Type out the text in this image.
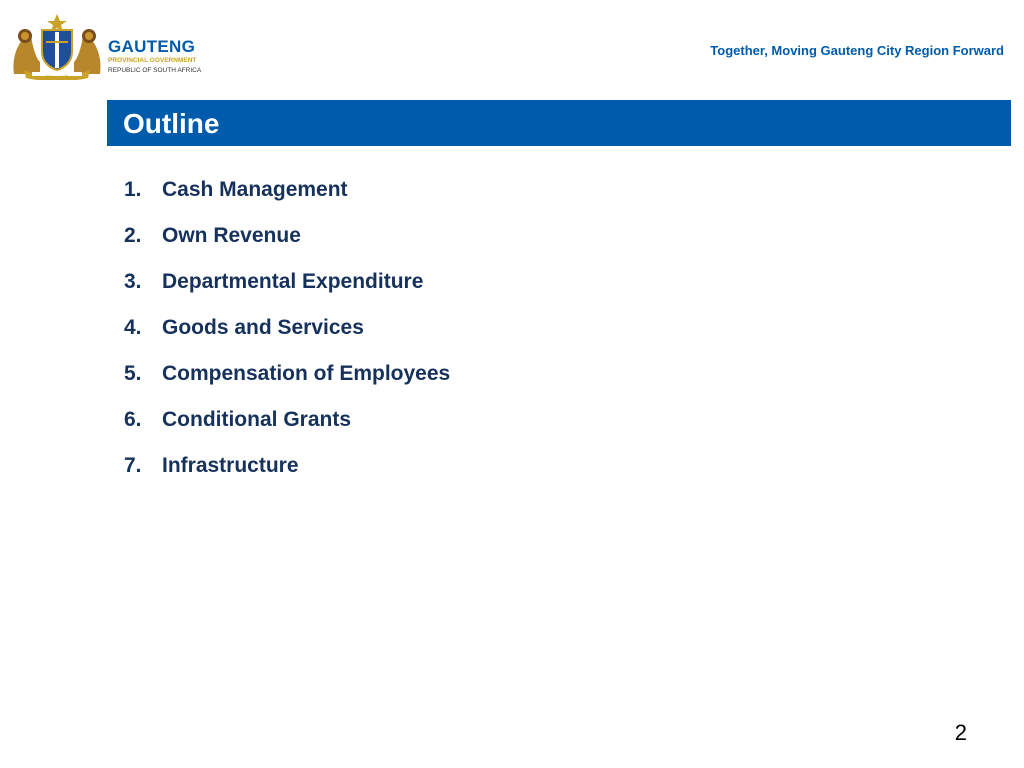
GAUTENG
PROVINCIAL GOVERNMENT
REPUBLIC OF SOUTH AFRICA
Together, Moving Gauteng City Region Forward
Outline
1. Cash Management
2. Own Revenue
3. Departmental Expenditure
4. Goods and Services
5. Compensation of Employees
6. Conditional Grants
7. Infrastructure
2
